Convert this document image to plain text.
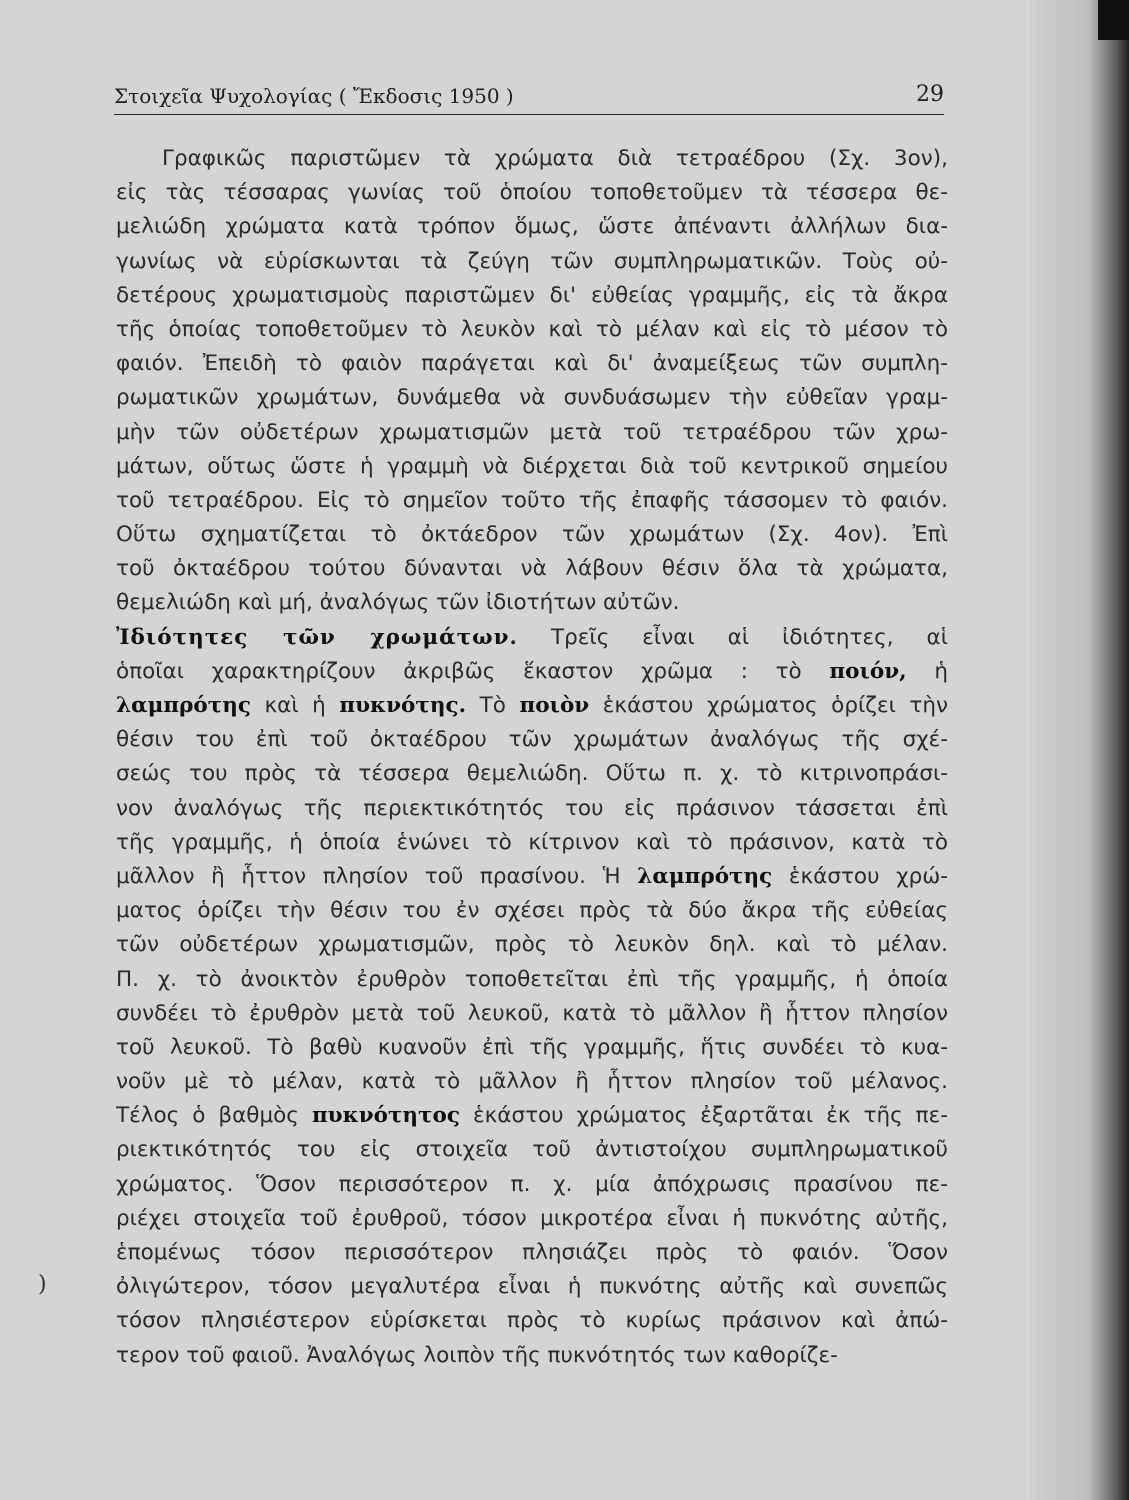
Στοιχεῖα Ψυχολογίας ( Ἔκδοσις 1950 )	29
)
Γραφικῶς παριστῶμεν τὰ χρώματα διὰ τετραέδρου (Σχ. 3ον),
εἰς τὰς τέσσαρας γωνίας τοῦ ὁποίου τοποθετοῦμεν τὰ τέσσερα θε-
μελιώδη χρώματα κατὰ τρόπον ὅμως, ὥστε ἀπέναντι ἀλλήλων δια-
γωνίως νὰ εὑρίσκωνται τὰ ζεύγη τῶν συμπληρωματικῶν. Τοὺς οὐ-
δετέρους χρωματισμοὺς παριστῶμεν δι' εὐθείας γραμμῆς, εἰς τὰ ἄκρα
τῆς ὁποίας τοποθετοῦμεν τὸ λευκὸν καὶ τὸ μέλαν καὶ εἰς τὸ μέσον τὸ
φαιόν. Ἐπειδὴ τὸ φαιὸν παράγεται καὶ δι' ἀναμείξεως τῶν συμπλη-
ρωματικῶν χρωμάτων, δυνάμεθα νὰ συνδυάσωμεν τὴν εὐθεῖαν γραμ-
μὴν τῶν οὐδετέρων χρωματισμῶν μετὰ τοῦ τετραέδρου τῶν χρω-
μάτων, οὕτως ὥστε ἡ γραμμὴ νὰ διέρχεται διὰ τοῦ κεντρικοῦ σημείου
τοῦ τετραέδρου. Εἰς τὸ σημεῖον τοῦτο τῆς ἐπαφῆς τάσσομεν τὸ φαιόν.
Οὕτω σχηματίζεται τὸ ὀκτάεδρον τῶν χρωμάτων (Σχ. 4ον). Ἐπὶ
τοῦ ὀκταέδρου τούτου δύνανται νὰ λάβουν θέσιν ὅλα τὰ χρώματα,
θεμελιώδη καὶ μή, ἀναλόγως τῶν ἰδιοτήτων αὐτῶν.
Ἰδιότητες τῶν χρωμάτων. Τρεῖς εἶναι αἱ ἰδιότητες, αἱ
ὁποῖαι χαρακτηρίζουν ἀκριβῶς ἕκαστον χρῶμα : τὸ ποιόν, ἡ
λαμπρότης καὶ ἡ πυκνότης. Τὸ ποιὸν ἑκάστου χρώματος ὁρίζει τὴν
θέσιν του ἐπὶ τοῦ ὀκταέδρου τῶν χρωμάτων ἀναλόγως τῆς σχέ-
σεώς του πρὸς τὰ τέσσερα θεμελιώδη. Οὕτω π. χ. τὸ κιτρινοπράσι-
νον ἀναλόγως τῆς περιεκτικότητός του εἰς πράσινον τάσσεται ἐπὶ
τῆς γραμμῆς, ἡ ὁποία ἑνώνει τὸ κίτρινον καὶ τὸ πράσινον, κατὰ τὸ
μᾶλλον ἢ ἧττον πλησίον τοῦ πρασίνου. Ἡ λαμπρότης ἑκάστου χρώ-
ματος ὁρίζει τὴν θέσιν του ἐν σχέσει πρὸς τὰ δύο ἄκρα τῆς εὐθείας
τῶν οὐδετέρων χρωματισμῶν, πρὸς τὸ λευκὸν δηλ. καὶ τὸ μέλαν.
Π. χ. τὸ ἀνοικτὸν ἐρυθρὸν τοποθετεῖται ἐπὶ τῆς γραμμῆς, ἡ ὁποία
συνδέει τὸ ἐρυθρὸν μετὰ τοῦ λευκοῦ, κατὰ τὸ μᾶλλον ἢ ἧττον πλησίον
τοῦ λευκοῦ. Τὸ βαθὺ κυανοῦν ἐπὶ τῆς γραμμῆς, ἥτις συνδέει τὸ κυα-
νοῦν μὲ τὸ μέλαν, κατὰ τὸ μᾶλλον ἢ ἧττον πλησίον τοῦ μέλανος.
Τέλος ὁ βαθμὸς πυκνότητος ἑκάστου χρώματος ἐξαρτᾶται ἐκ τῆς πε-
ριεκτικότητός του εἰς στοιχεῖα τοῦ ἀντιστοίχου συμπληρωματικοῦ
χρώματος. Ὅσον περισσότερον π. χ. μία ἀπόχρωσις πρασίνου πε-
ριέχει στοιχεῖα τοῦ ἐρυθροῦ, τόσον μικροτέρα εἶναι ἡ πυκνότης αὐτῆς,
ἑπομένως τόσον περισσότερον πλησιάζει πρὸς τὸ φαιόν. Ὅσον
ὀλιγώτερον, τόσον μεγαλυτέρα εἶναι ἡ πυκνότης αὐτῆς καὶ συνεπῶς
τόσον πλησιέστερον εὑρίσκεται πρὸς τὸ κυρίως πράσινον καὶ ἀπώ-
τερον τοῦ φαιοῦ. Ἀναλόγως λοιπὸν τῆς πυκνότητός των καθορίζε-
